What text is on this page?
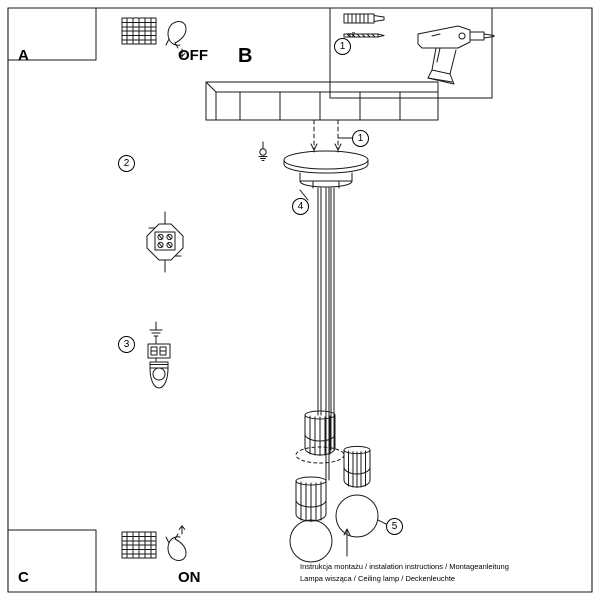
A	OFF B
C	ON
x2
1
2
3
1
4
5
Instrukcja montażu / instalation instructions / Montageanleitung
Lampa wisząca / Ceiling lamp / Deckenleuchte
